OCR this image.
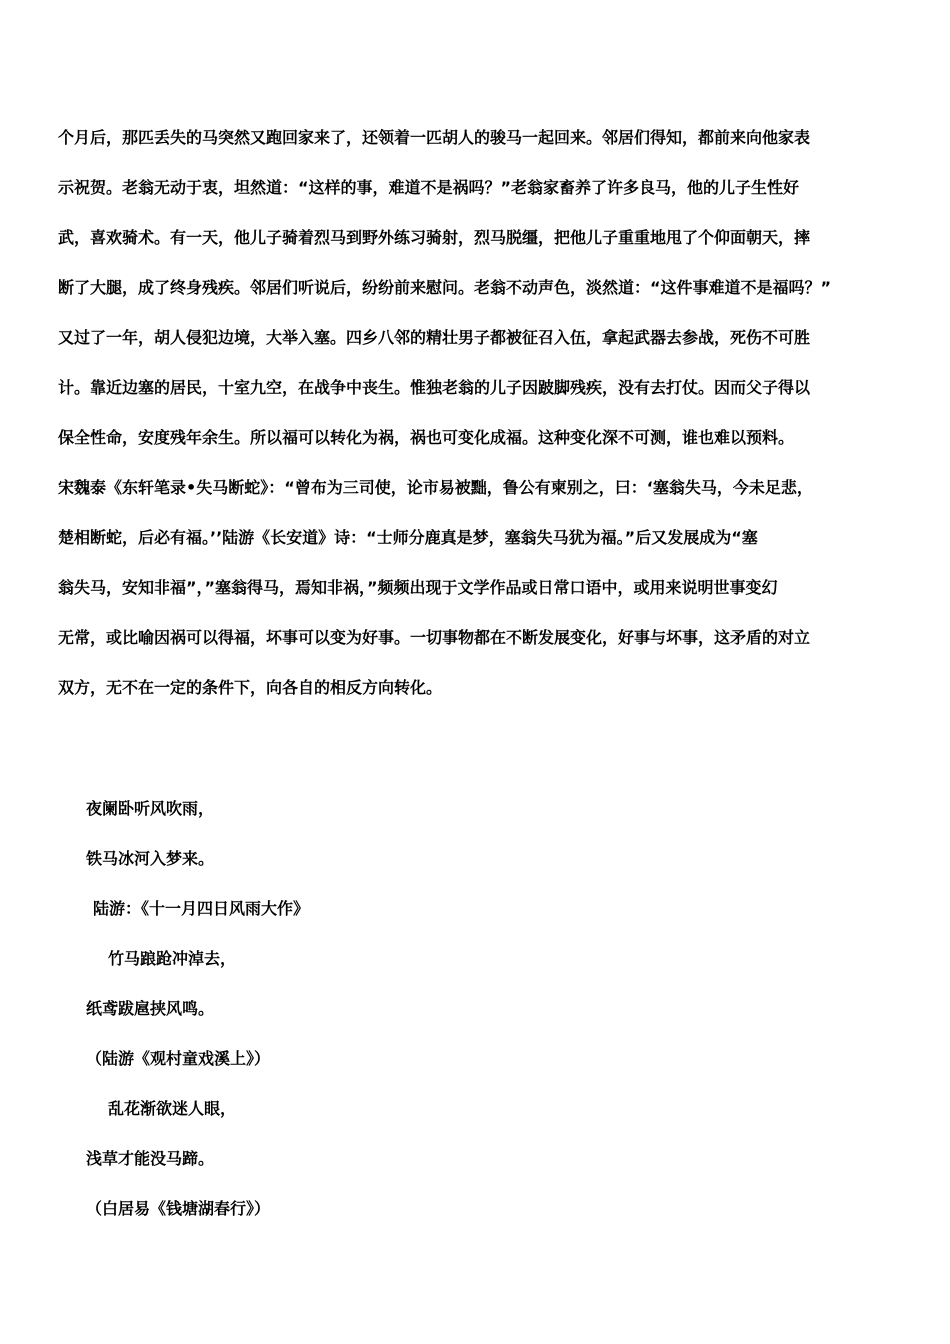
个月后，那匹丢失的马突然又跑回家来了，还领着一匹胡人的骏马一起回来。邻居们得知，都前来向他家表
示祝贺。老翁无动于衷，坦然道：“这样的事，难道不是祸吗？”老翁家畜养了许多良马，他的儿子生性好
武，喜欢骑术。有一天，他儿子骑着烈马到野外练习骑射，烈马脱缰，把他儿子重重地甩了个仰面朝天，摔
断了大腿，成了终身残疾。邻居们听说后，纷纷前来慰问。老翁不动声色，淡然道：“这件事难道不是福吗？”
又过了一年，胡人侵犯边境，大举入塞。四乡八邻的精壮男子都被征召入伍，拿起武器去参战，死伤不可胜
计。靠近边塞的居民，十室九空，在战争中丧生。惟独老翁的儿子因跛脚残疾，没有去打仗。因而父子得以
保全性命，安度残年余生。所以福可以转化为祸，祸也可变化成福。这种变化深不可测，谁也难以预料。
宋魏泰《东轩笔录•失马断蛇》：“曾布为三司使，论市易被黜，鲁公有柬别之，曰：‘塞翁失马，今未足悲，
楚相断蛇，后必有福。’’陆游《长安道》诗：“士师分鹿真是梦，塞翁失马犹为福。”后又发展成为“塞
翁失马，安知非福”，”塞翁得马，焉知非祸，”频频出现于文学作品或日常口语中，或用来说明世事变幻
无常，或比喻因祸可以得福，坏事可以变为好事。一切事物都在不断发展变化，好事与坏事，这矛盾的对立
双方，无不在一定的条件下，向各自的相反方向转化。
夜阑卧听风吹雨，
铁马冰河入梦来。
陆游：《十一月四日风雨大作》
竹马踉跄冲淖去，
纸鸢跋扈挟风鸣。
（陆游《观村童戏溪上》）
乱花渐欲迷人眼，
浅草才能没马蹄。
（白居易《钱塘湖春行》）
